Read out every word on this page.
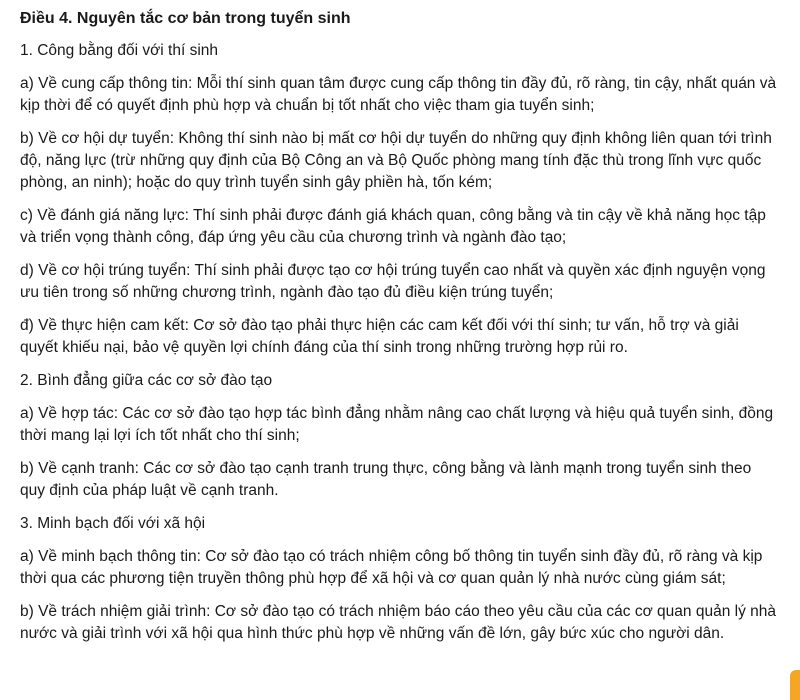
Điều 4. Nguyên tắc cơ bản trong tuyển sinh
1. Công bằng đối với thí sinh
a) Về cung cấp thông tin: Mỗi thí sinh quan tâm được cung cấp thông tin đầy đủ, rõ ràng, tin cậy, nhất quán và kịp thời để có quyết định phù hợp và chuẩn bị tốt nhất cho việc tham gia tuyển sinh;
b) Về cơ hội dự tuyển: Không thí sinh nào bị mất cơ hội dự tuyển do những quy định không liên quan tới trình độ, năng lực (trừ những quy định của Bộ Công an và Bộ Quốc phòng mang tính đặc thù trong lĩnh vực quốc phòng, an ninh); hoặc do quy trình tuyển sinh gây phiền hà, tốn kém;
c) Về đánh giá năng lực: Thí sinh phải được đánh giá khách quan, công bằng và tin cậy về khả năng học tập và triển vọng thành công, đáp ứng yêu cầu của chương trình và ngành đào tạo;
d) Về cơ hội trúng tuyển: Thí sinh phải được tạo cơ hội trúng tuyển cao nhất và quyền xác định nguyện vọng ưu tiên trong số những chương trình, ngành đào tạo đủ điều kiện trúng tuyển;
đ) Về thực hiện cam kết: Cơ sở đào tạo phải thực hiện các cam kết đối với thí sinh; tư vấn, hỗ trợ và giải quyết khiếu nại, bảo vệ quyền lợi chính đáng của thí sinh trong những trường hợp rủi ro.
2. Bình đẳng giữa các cơ sở đào tạo
a) Về hợp tác: Các cơ sở đào tạo hợp tác bình đẳng nhằm nâng cao chất lượng và hiệu quả tuyển sinh, đồng thời mang lại lợi ích tốt nhất cho thí sinh;
b) Về cạnh tranh: Các cơ sở đào tạo cạnh tranh trung thực, công bằng và lành mạnh trong tuyển sinh theo quy định của pháp luật về cạnh tranh.
3. Minh bạch đối với xã hội
a) Về minh bạch thông tin: Cơ sở đào tạo có trách nhiệm công bố thông tin tuyển sinh đầy đủ, rõ ràng và kịp thời qua các phương tiện truyền thông phù hợp để xã hội và cơ quan quản lý nhà nước cùng giám sát;
b) Về trách nhiệm giải trình: Cơ sở đào tạo có trách nhiệm báo cáo theo yêu cầu của các cơ quan quản lý nhà nước và giải trình với xã hội qua hình thức phù hợp về những vấn đề lớn, gây bức xúc cho người dân.
